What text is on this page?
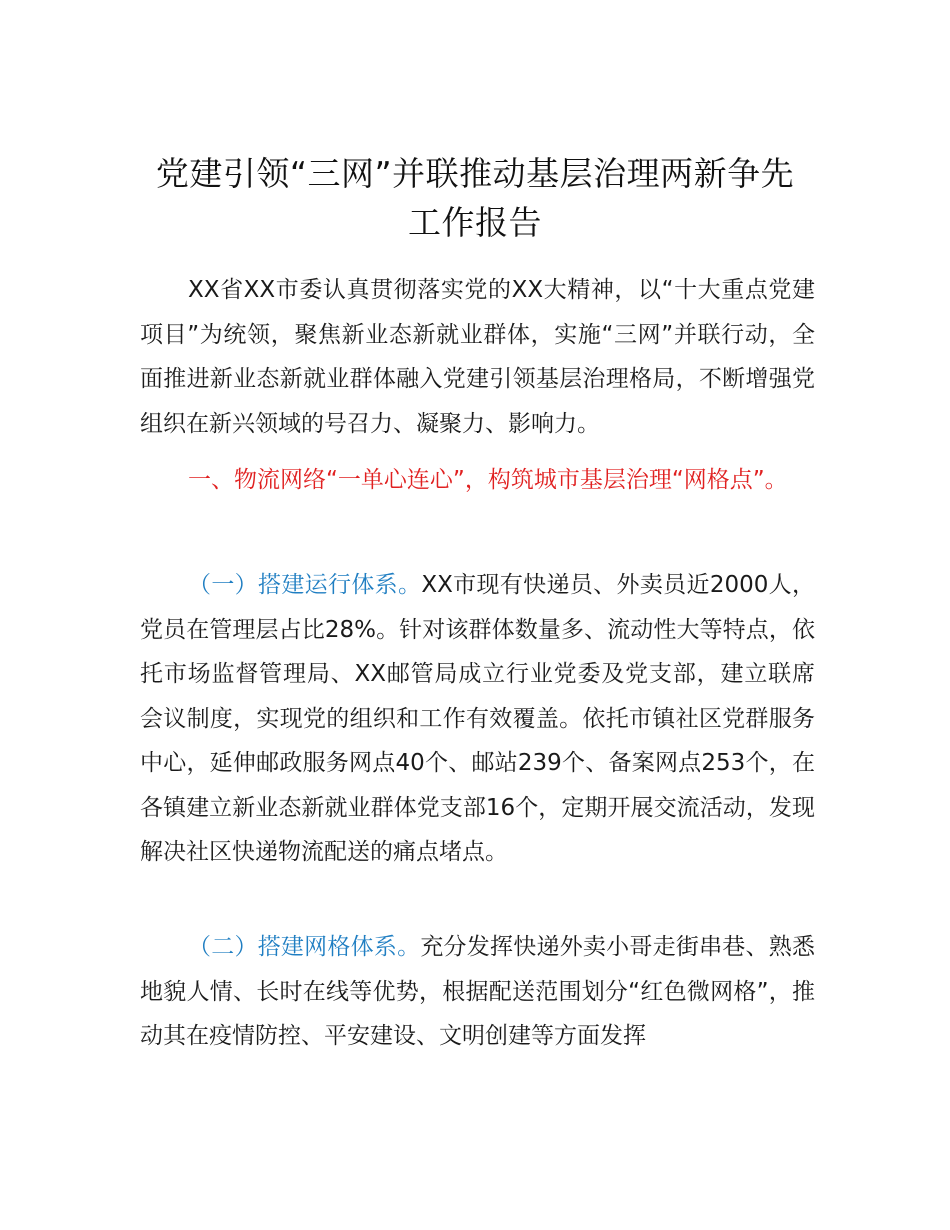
党建引领“三网”并联推动基层治理两新争先
工作报告

XX省XX市委认真贯彻落实党的XX大精神，以“十大重点党建项目”为统领，聚焦新业态新就业群体，实施“三网”并联行动，全面推进新业态新就业群体融入党建引领基层治理格局，不断增强党组织在新兴领域的号召力、凝聚力、影响力。

一、物流网络“一单心连心”，构筑城市基层治理“网格点”。

（一）搭建运行体系。XX市现有快递员、外卖员近2000人，党员在管理层占比28%。针对该群体数量多、流动性大等特点，依托市场监督管理局、XX邮管局成立行业党委及党支部，建立联席会议制度，实现党的组织和工作有效覆盖。依托市镇社区党群服务中心，延伸邮政服务网点40个、邮站239个、备案网点253个，在各镇建立新业态新就业群体党支部16个，定期开展交流活动，发现解决社区快递物流配送的痛点堵点。

（二）搭建网格体系。充分发挥快递外卖小哥走街串巷、熟悉地貌人情、长时在线等优势，根据配送范围划分“红色微网格”，推动其在疫情防控、平安建设、文明创建等方面发挥
